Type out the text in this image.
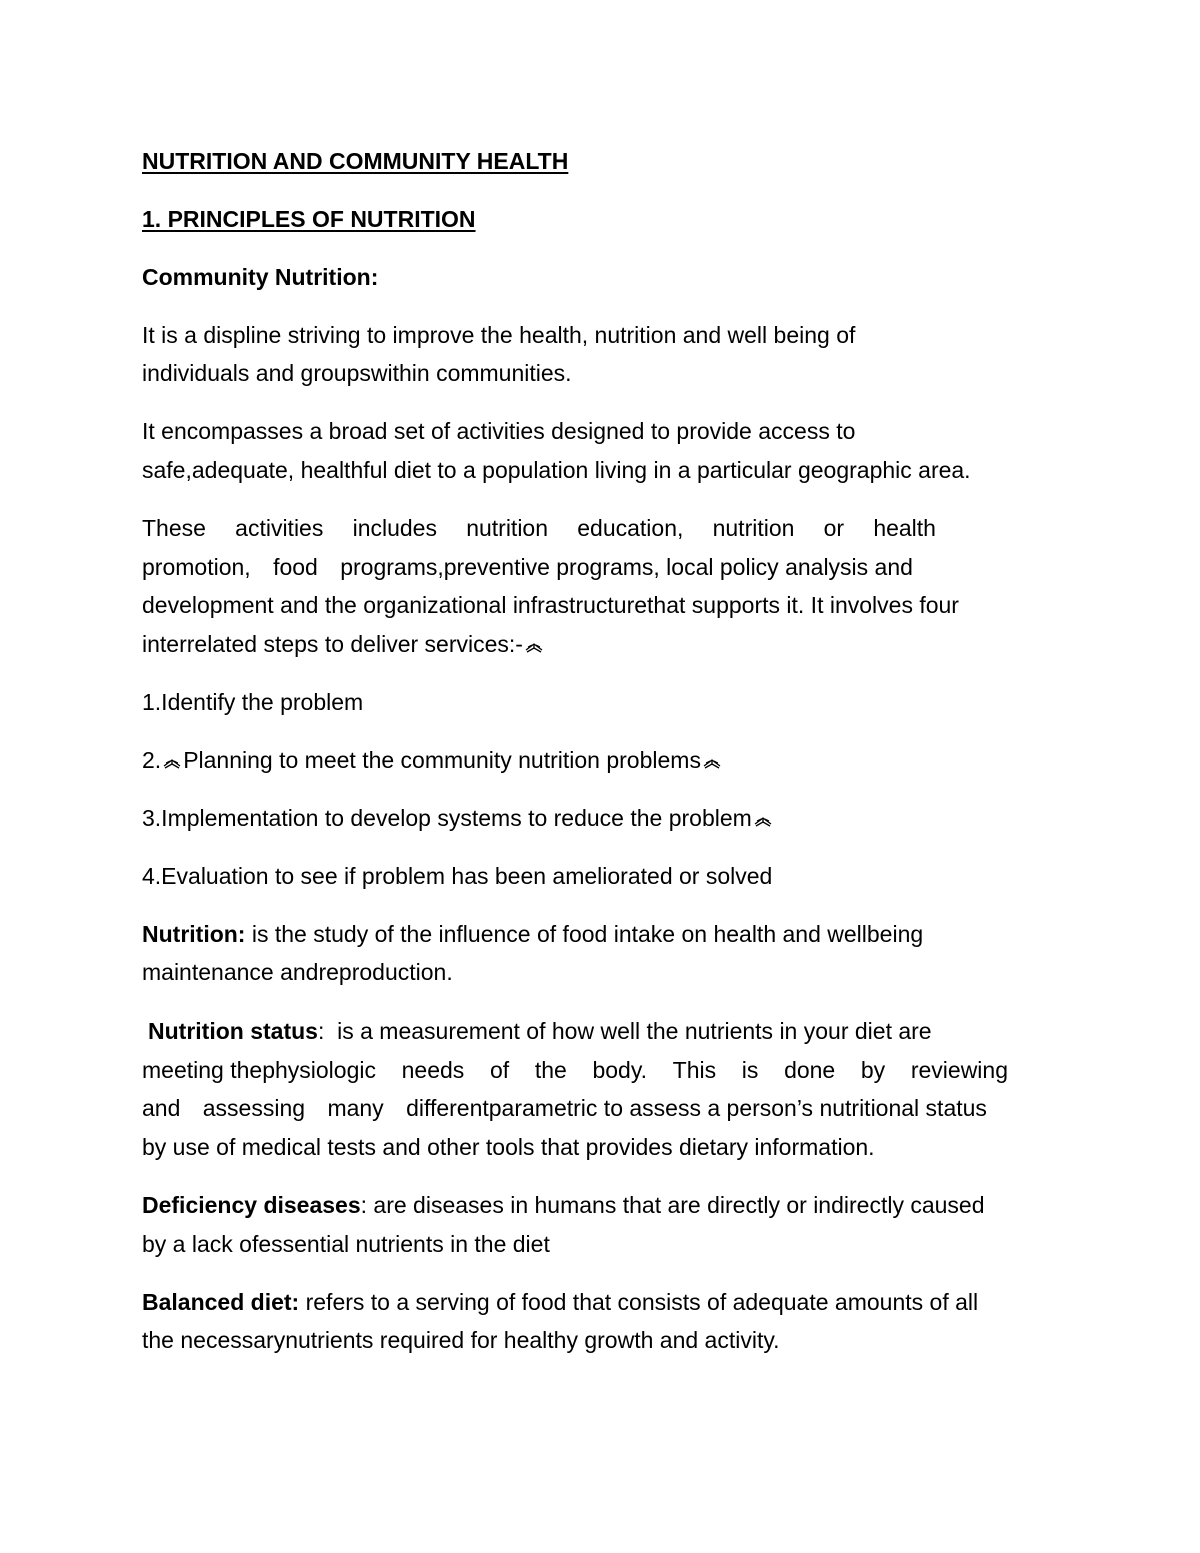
NUTRITION AND COMMUNITY HEALTH
1. PRINCIPLES OF NUTRITION
Community Nutrition:
It is a displine striving to improve the health, nutrition and well being of
individuals and groupswithin communities.
It encompasses a broad set of activities designed to provide access to
safe,adequate, healthful diet to a population living in a particular geographic area.
These activities includes nutrition education, nutrition or health
promotion, food programs,preventive programs, local policy analysis and
development and the organizational infrastructurethat supports it. It involves four
interrelated steps to deliver services:-
1.Identify the problem
2. Planning to meet the community nutrition problems
3.Implementation to develop systems to reduce the problem
4.Evaluation to see if problem has been ameliorated or solved
Nutrition: is the study of the influence of food intake on health and wellbeing
maintenance andreproduction.
Nutrition status:  is a measurement of how well the nutrients in your diet are
meeting thephysiologic needs of the body. This is done by reviewing
and assessing many differentparametric to assess a person’s nutritional status
by use of medical tests and other tools that provides dietary information.
Deficiency diseases: are diseases in humans that are directly or indirectly caused
by a lack ofessential nutrients in the diet
Balanced diet: refers to a serving of food that consists of adequate amounts of all
the necessarynutrients required for healthy growth and activity.
